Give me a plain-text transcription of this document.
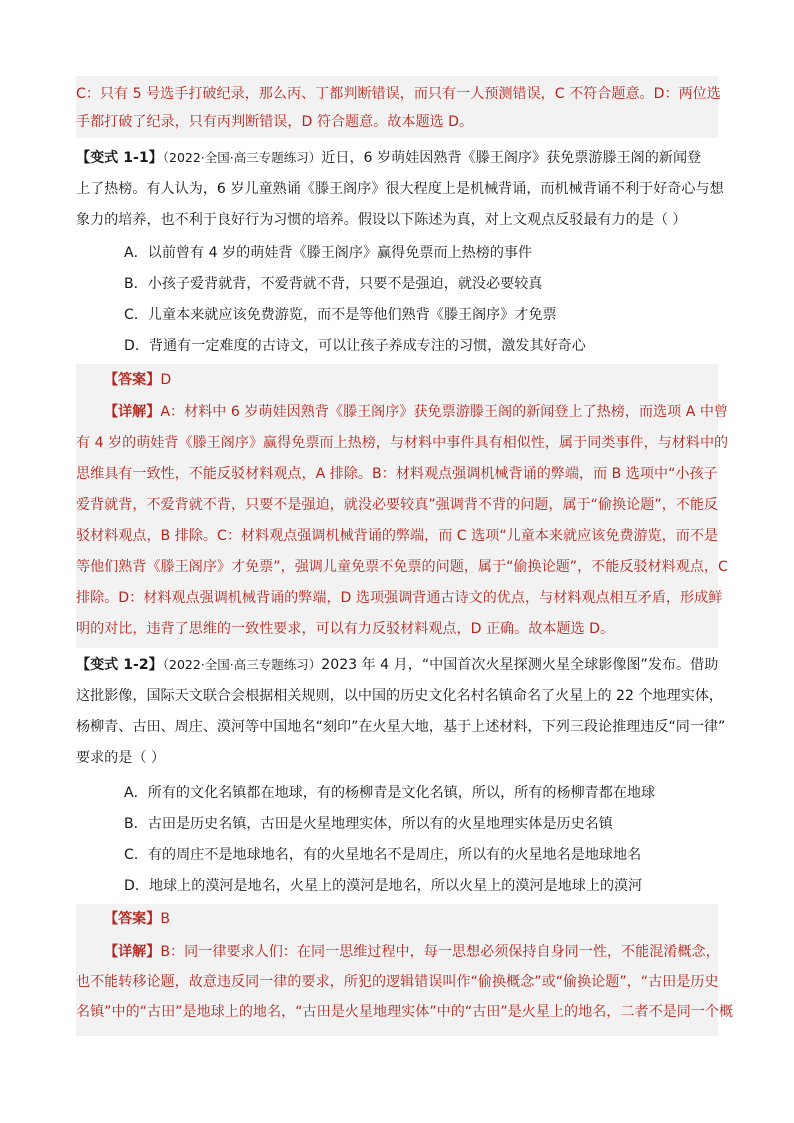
C：只有 5 号选手打破纪录，那么丙、丁都判断错误，而只有一人预测错误，C 不符合题意。D：两位选
手都打破了纪录，只有丙判断错误，D 符合题意。故本题选 D。
【变式 1-1】（2022·全国·高三专题练习）近日，6 岁萌娃因熟背《滕王阁序》获免票游滕王阁的新闻登
上了热榜。有人认为，6 岁儿童熟诵《滕王阁序》很大程度上是机械背诵，而机械背诵不利于好奇心与想
象力的培养，也不利于良好行为习惯的培养。假设以下陈述为真，对上文观点反驳最有力的是（ ）
A．以前曾有 4 岁的萌娃背《滕王阁序》赢得免票而上热榜的事件
B．小孩子爱背就背，不爱背就不背，只要不是强迫，就没必要较真
C．儿童本来就应该免费游览，而不是等他们熟背《滕王阁序》才免票
D．背通有一定难度的古诗文，可以让孩子养成专注的习惯，激发其好奇心
【答案】D
【详解】A：材料中 6 岁萌娃因熟背《滕王阁序》获免票游滕王阁的新闻登上了热榜，而选项 A 中曾
有 4 岁的萌娃背《滕王阁序》赢得免票而上热榜，与材料中事件具有相似性，属于同类事件，与材料中的
思维具有一致性，不能反驳材料观点，A 排除。B：材料观点强调机械背诵的弊端，而 B 选项中“小孩子
爱背就背，不爱背就不背，只要不是强迫，就没必要较真”强调背不背的问题，属于“偷换论题”，不能反
驳材料观点，B 排除。C：材料观点强调机械背诵的弊端，而 C 选项“儿童本来就应该免费游览，而不是
等他们熟背《滕王阁序》才免票”，强调儿童免票不免票的问题，属于“偷换论题”，不能反驳材料观点，C
排除。D：材料观点强调机械背诵的弊端，D 选项强调背通古诗文的优点，与材料观点相互矛盾，形成鲜
明的对比，违背了思维的一致性要求，可以有力反驳材料观点，D 正确。故本题选 D。
【变式 1-2】（2022·全国·高三专题练习）2023 年 4 月，“中国首次火星探测火星全球影像图”发布。借助
这批影像，国际天文联合会根据相关规则，以中国的历史文化名村名镇命名了火星上的 22 个地理实体，
杨柳青、古田、周庄、漠河等中国地名“刻印”在火星大地，基于上述材料，下列三段论推理违反“同一律”
要求的是（ ）
A．所有的文化名镇都在地球，有的杨柳青是文化名镇，所以，所有的杨柳青都在地球
B．古田是历史名镇，古田是火星地理实体，所以有的火星地理实体是历史名镇
C．有的周庄不是地球地名，有的火星地名不是周庄，所以有的火星地名是地球地名
D．地球上的漠河是地名，火星上的漠河是地名，所以火星上的漠河是地球上的漠河
【答案】B
【详解】B：同一律要求人们：在同一思维过程中，每一思想必须保持自身同一性，不能混淆概念，
也不能转移论题，故意违反同一律的要求，所犯的逻辑错误叫作“偷换概念”或“偷换论题”，“古田是历史
名镇”中的“古田”是地球上的地名，“古田是火星地理实体”中的“古田”是火星上的地名，二者不是同一个概
